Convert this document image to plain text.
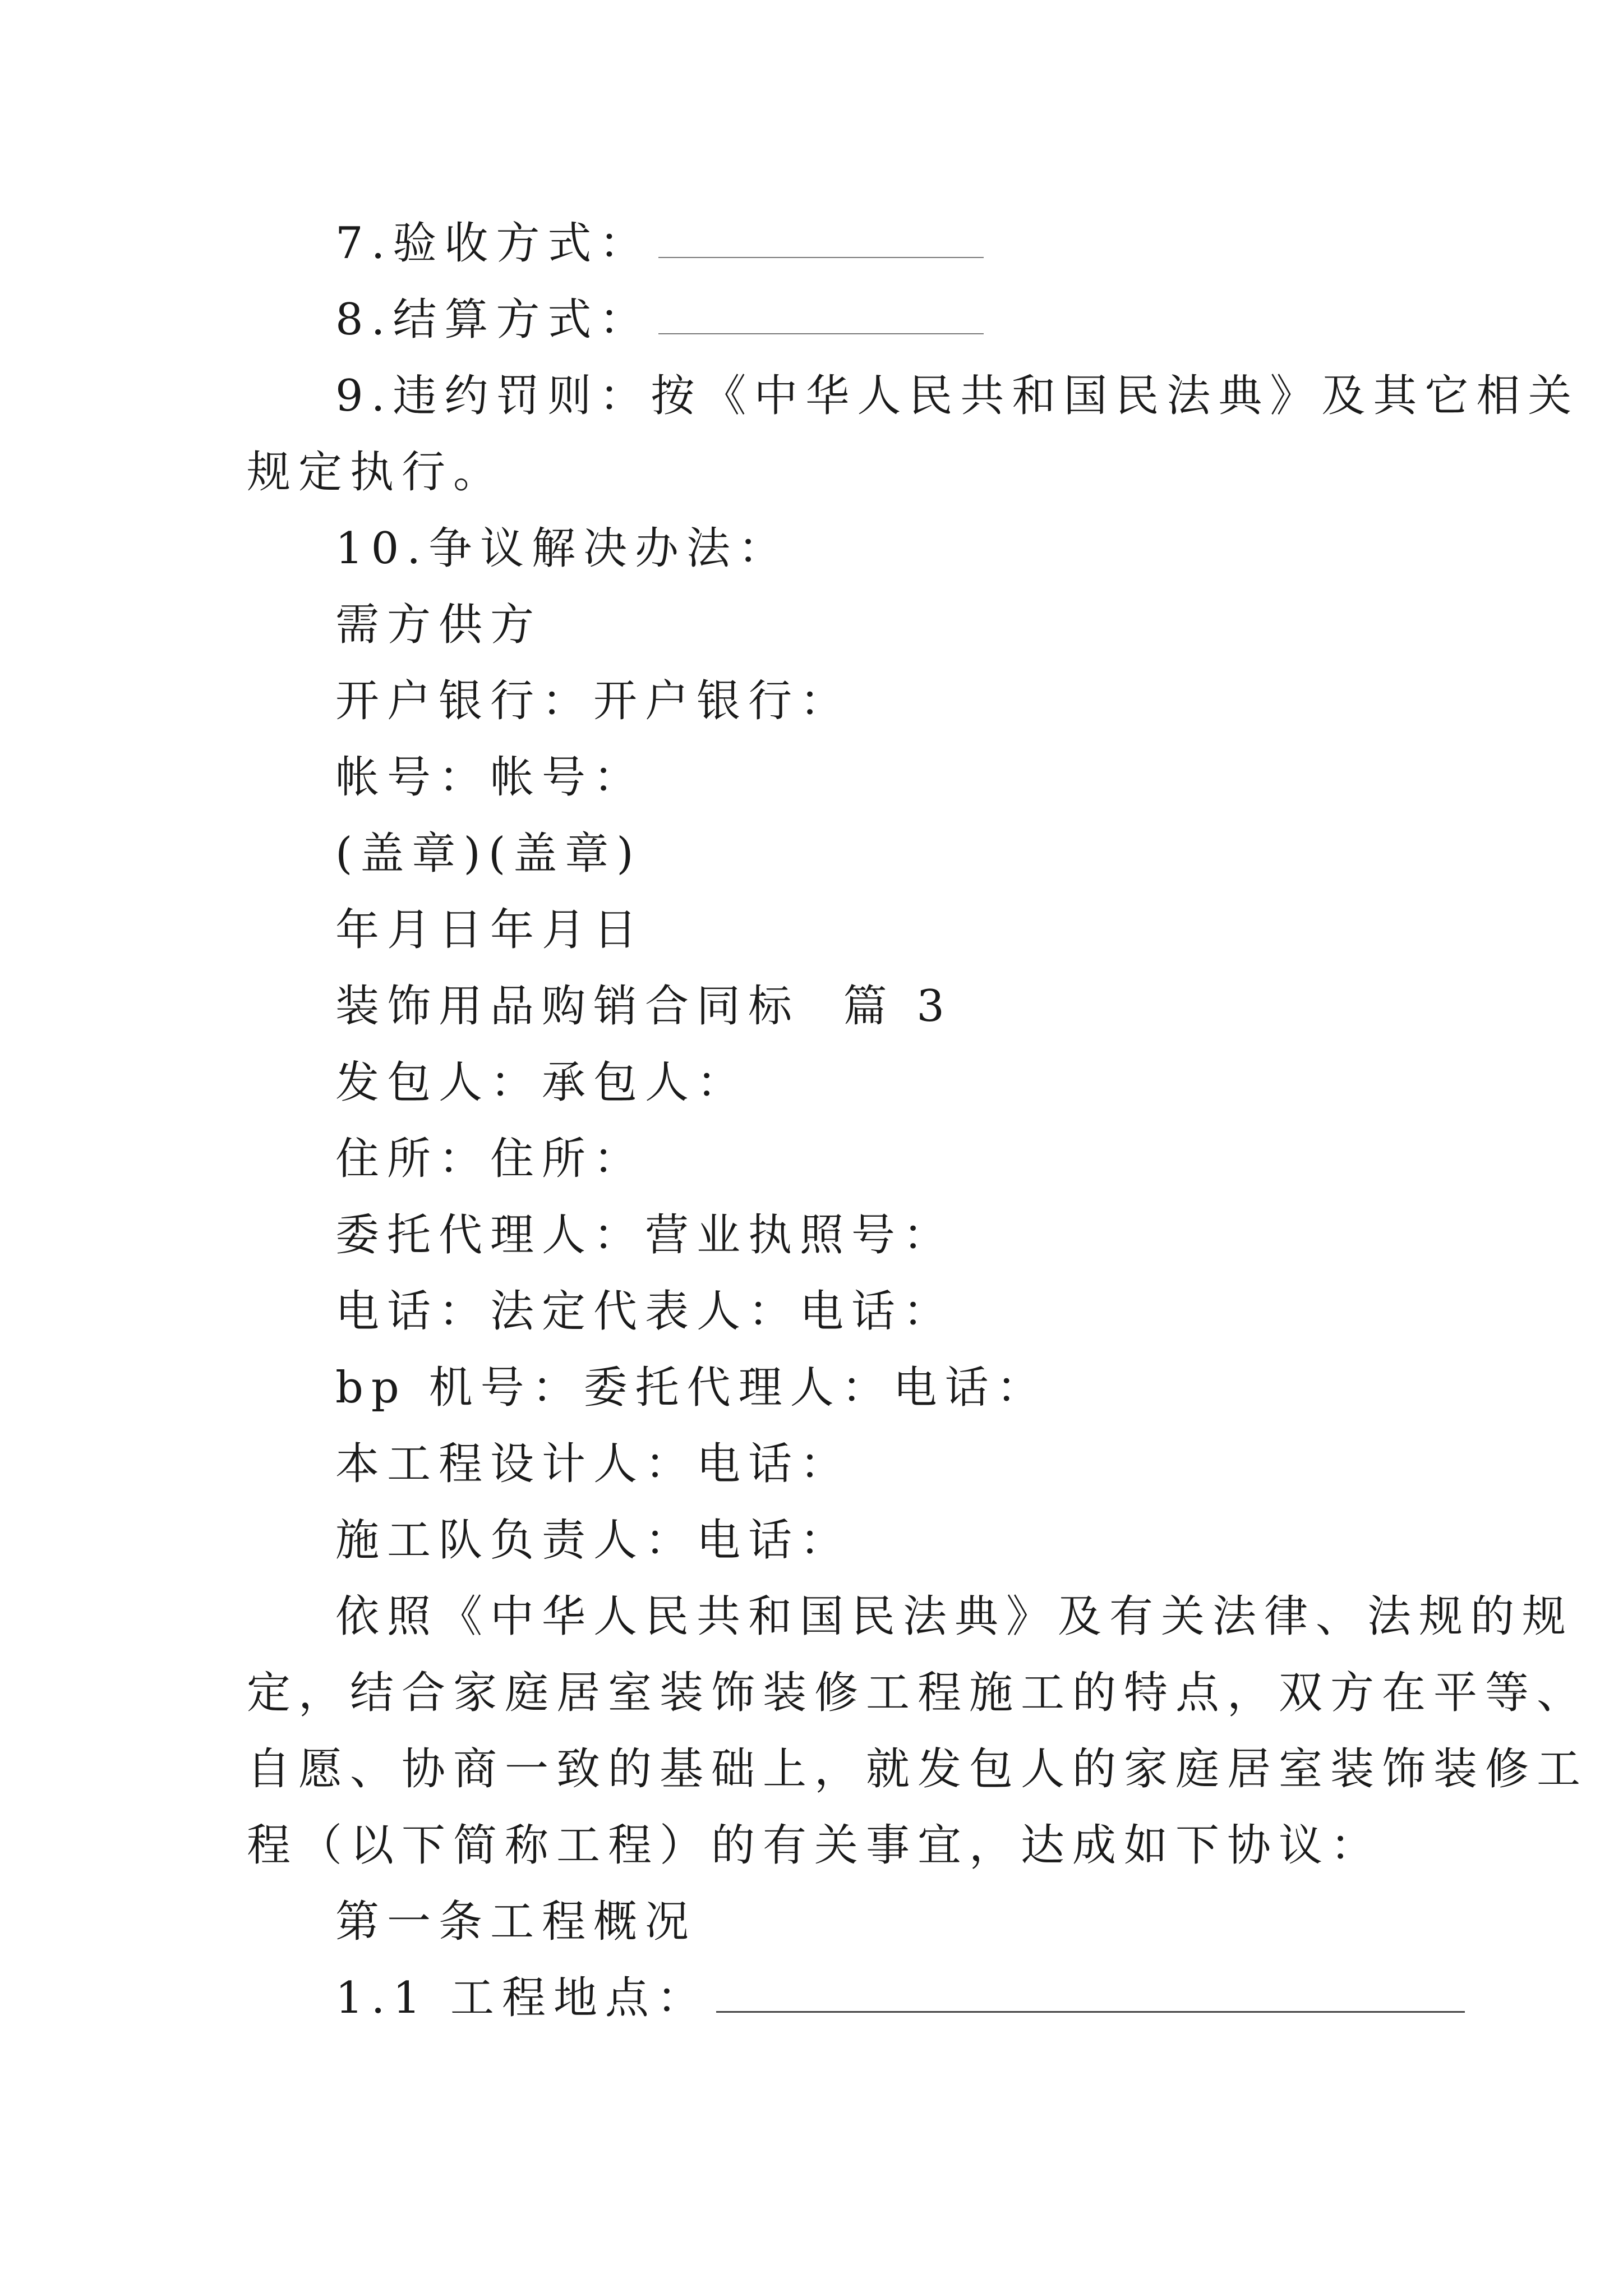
7.验收方式：
8.结算方式：
9.违约罚则：按《中华人民共和国民法典》及其它相关
规定执行。
10.争议解决办法：
需方供方
开户银行：开户银行：
帐号：帐号：
(盖章)(盖章)
年月日年月日
装饰用品购销合同标  篇 3
发包人：承包人：
住所：住所：
委托代理人：营业执照号：
电话：法定代表人：电话：
bp 机号：委托代理人：电话：
本工程设计人：电话：
施工队负责人：电话：
依照《中华人民共和国民法典》及有关法律、法规的规
定，结合家庭居室装饰装修工程施工的特点，双方在平等、
自愿、协商一致的基础上，就发包人的家庭居室装饰装修工
程（以下简称工程）的有关事宜，达成如下协议：
第一条工程概况
1.1 工程地点：
